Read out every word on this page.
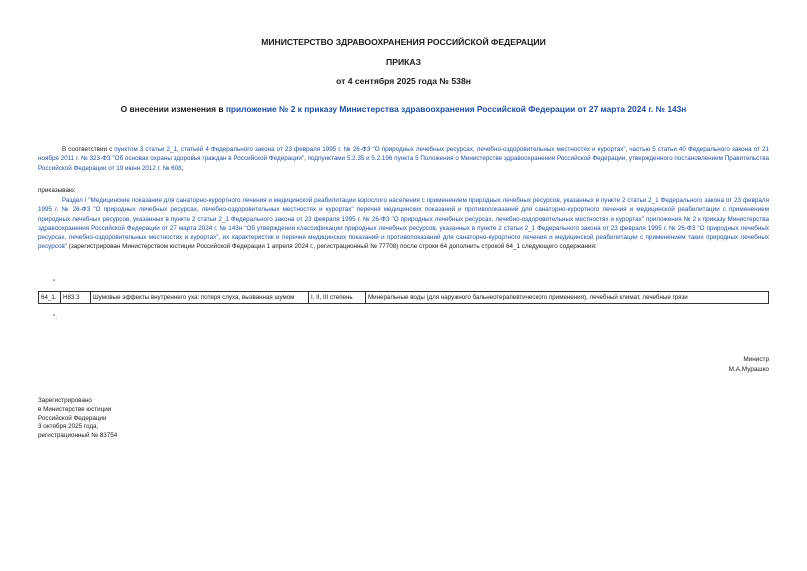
МИНИСТЕРСТВО ЗДРАВООХРАНЕНИЯ РОССИЙСКОЙ ФЕДЕРАЦИИ
ПРИКАЗ
от 4 сентября 2025 года № 538н
О внесении изменения в приложение № 2 к приказу Министерства здравоохранения Российской Федерации от 27 марта 2024 г. № 143н
В соответствии с пунктом 3 статьи 2_1, статьей 4 Федерального закона от 23 февраля 1995 г. № 26-ФЗ "О природных лечебных ресурсах, лечебно-оздоровительных местностях и курортах", частью 5 статьи 40 Федерального закона от 21 ноября 2011 г. № 323-ФЗ "Об основах охраны здоровья граждан в Российской Федерации", подпунктами 5.2.35 и 5.2.196 пункта 5 Положения о Министерстве здравоохранения Российской Федерации, утвержденного постановлением Правительства Российской Федерации от 19 июня 2012 г. № 608,
приказываю:
Раздел I "Медицинские показания для санаторно-курортного лечения и медицинской реабилитации взрослого населения с применением природных лечебных ресурсов, указанных в пункте 2 статьи 2_1 Федерального закона от 23 февраля 1995 г. № 26-ФЗ "О природных лечебных ресурсах, лечебно-оздоровительных местностях и курортах" перечня медицинских показаний и противопоказаний для санаторно-курортного лечения и медицинской реабилитации с применением природных лечебных ресурсов, указанных в пункте 2 статьи 2_1 Федерального закона от 23 февраля 1995 г. № 26-ФЗ "О природных лечебных ресурсах, лечебно-оздоровительных местностях и курортах" приложения № 2 к приказу Министерства здравоохранения Российской Федерации от 27 марта 2024 г. № 143н "Об утверждении классификации природных лечебных ресурсов, указанных в пункте 2 статьи 2_1 Федерального закона от 23 февраля 1995 г. № 26-ФЗ "О природных лечебных ресурсах, лечебно-оздоровительных местностях и курортах", их характеристик и перечня медицинских показаний и противопоказаний для санаторно-курортного лечения и медицинской реабилитации с применением таких природных лечебных ресурсов" (зарегистрирован Министерством юстиции Российской Федерации 1 апреля 2024 г., регистрационный № 77708) после строки 64 дополнить строкой 64_1 следующего содержания:
"
64_1.	H83.3	Шумовые эффекты внутреннего уха: потеря слуха, вызванная шумом	I, II, III степень	Минеральные воды (для наружного бальнеотерапевтического применения), лечебный климат, лечебные грязи
".
Министр
М.А.Мурашко
Зарегистрировано
в Министерстве юстиции
Российской Федерации
3 октября 2025 года,
регистрационный № 83754
